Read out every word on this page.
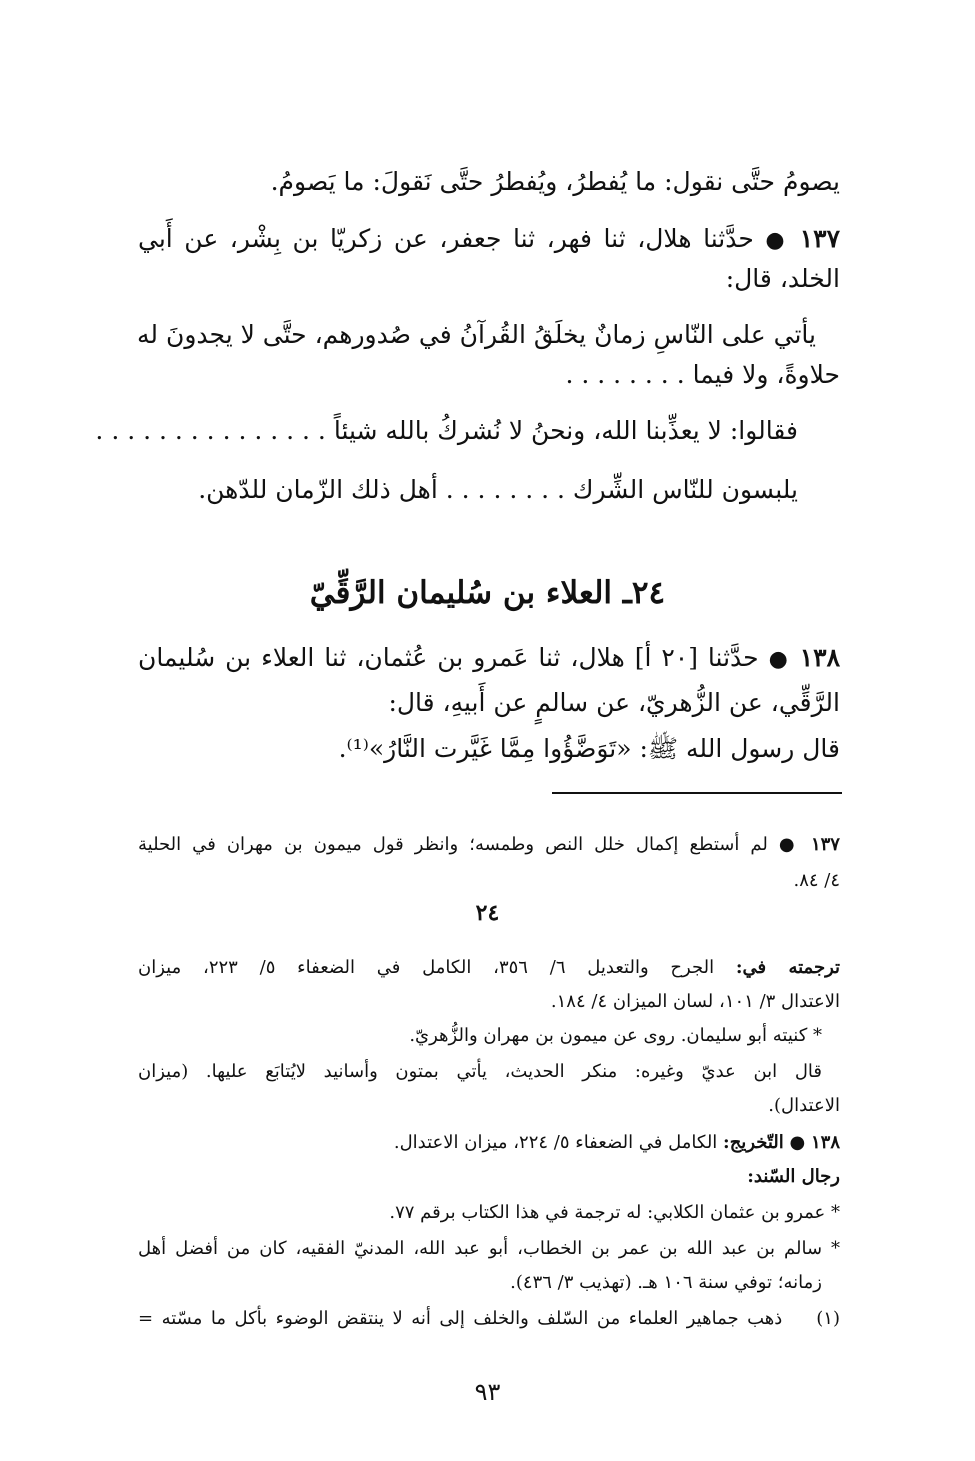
يصومُ حتَّى نقول: ما يُفطرُ، ويُفطرُ حتَّى نَقولَ: ما يَصومُ.
١٣٧ ● حدَّثنا هلال، ثنا فهر، ثنا جعفر، عن زكريّا بن بِشْر، عن أَبي
الخلد، قال:
يأتي على النّاسِ زمانٌ يخلَقُ القُرآنُ في صُدورهم، حتَّى لا يجدونَ له
حلاوةً، ولا فيما . . . . . . . .
فقالوا: لا يعذِّبنا الله، ونحنُ لا نُشركُ بالله شيئاً . . . . . . . . . . . . . . .
يلبسون للنّاس الشِّرك . . . . . . . . أهل ذلك الزّمان للدّهن.
٢٤ـ العلاء بن سُليمان الرَّقِّيّ
١٣٨ ● حدَّثنا [٢٠ أ] هلال، ثنا عَمرو بن عُثمان، ثنا العلاء بن سُليمان
الرَّقِّي، عن الزُّهريّ، عن سالمٍ عن أَبيهِ، قال:
قال رسول الله ﷺ: «تَوَضَّؤُوا مِمَّا غَيَّرت النَّارُ»⁽¹⁾.
١٣٧ ● لم أستطع إكمال خلل النص وطمسه؛ وانظر قول ميمون بن مهران في الحلية
٤/ ٨٤.
٢٤
ترجمته في: الجرح والتعديل ٦/ ٣٥٦، الكامل في الضعفاء ٥/ ٢٢٣، ميزان
الاعتدال ٣/ ١٠١، لسان الميزان ٤/ ١٨٤.
* كنيته أبو سليمان. روى عن ميمون بن مهران والزُّهريّ.
قال ابن عديّ وغيره: منكر الحديث، يأتي بمتون وأسانيد لايُتابَع عليها. (ميزان
الاعتدال).
١٣٨ ● التّخريج: الكامل في الضعفاء ٥/ ٢٢٤، ميزان الاعتدال.
رجال السّند:
* عمرو بن عثمان الكلابي: له ترجمة في هذا الكتاب برقم ٧٧.
* سالم بن عبد الله بن عمر بن الخطاب، أبو عبد الله، المدنيّ الفقيه، كان من أفضل أهل
زمانه؛ توفي سنة ١٠٦ هـ. (تهذيب ٣/ ٤٣٦).
(١)    ذهب جماهير العلماء من السّلف والخلف إلى أنه لا ينتقض الوضوء بأكل ما مسّته =
٩٣
